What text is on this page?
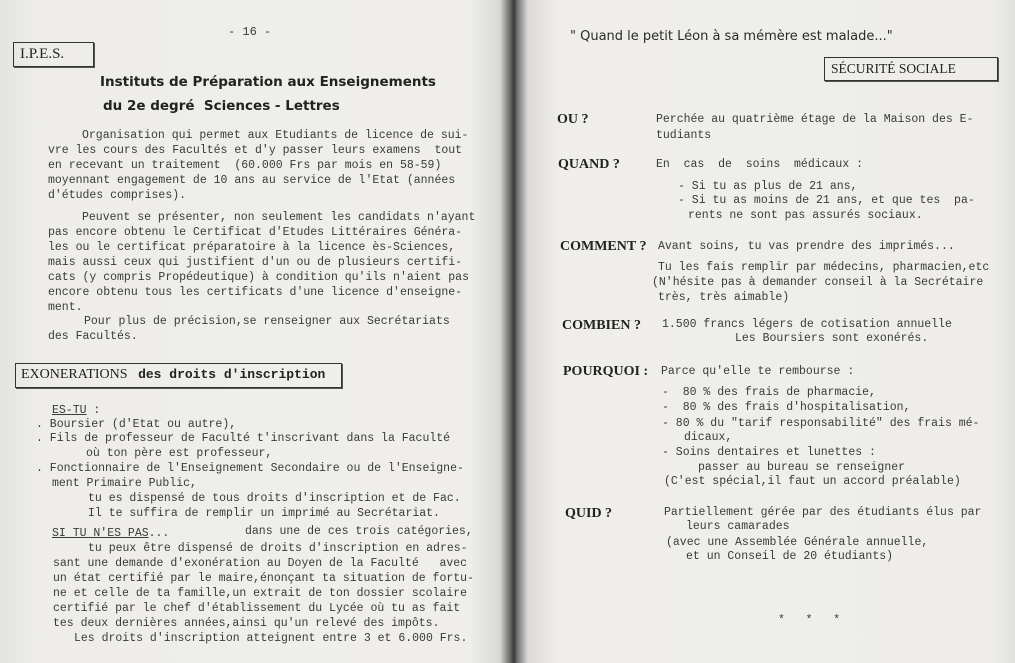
- 16 -
I.P.E.S.
Instituts de Préparation aux Enseignements
du 2e degré  Sciences - Lettres
Organisation qui permet aux Etudiants de licence de sui-
vre les cours des Facultés et d'y passer leurs examens  tout
en recevant un traitement  (60.000 Frs par mois en 58-59)
moyennant engagement de 10 ans au service de l'Etat (années
d'études comprises).
Peuvent se présenter, non seulement les candidats n'ayant
pas encore obtenu le Certificat d'Etudes Littéraires Généra-
les ou le certificat préparatoire à la licence ès-Sciences,
mais aussi ceux qui justifient d'un ou de plusieurs certifi-
cats (y compris Propédeutique) à condition qu'ils n'aient pas
encore obtenu tous les certificats d'une licence d'enseigne-
ment.
Pour plus de précision,se renseigner aux Secrétariats
des Facultés.
EXONERATIONS des droits d'inscription
ES-TU :
. Boursier (d'Etat ou autre),
. Fils de professeur de Faculté t'inscrivant dans la Faculté
où ton père est professeur,
. Fonctionnaire de l'Enseignement Secondaire ou de l'Enseigne-
ment Primaire Public,
tu es dispensé de tous droits d'inscription et de Fac.
Il te suffira de remplir un imprimé au Secrétariat.
SI TU N'ES PAS...	dans une de ces trois catégories,
tu peux être dispensé de droits d'inscription en adres-
sant une demande d'exonération au Doyen de la Faculté   avec
un état certifié par le maire,énonçant ta situation de fortu-
ne et celle de ta famille,un extrait de ton dossier scolaire
certifié par le chef d'établissement du Lycée où tu as fait
tes deux dernières années,ainsi qu'un relevé des impôts.
Les droits d'inscription atteignent entre 3 et 6.000 Frs.
" Quand le petit Léon à sa mémère est malade..."
SÉCURITÉ SOCIALE
OU ?	Perchée au quatrième étage de la Maison des E-
tudiants
QUAND ?	En  cas  de  soins  médicaux :
- Si tu as plus de 21 ans,
- Si tu as moins de 21 ans, et que tes  pa-
rents ne sont pas assurés sociaux.
COMMENT ? Avant soins, tu vas prendre des imprimés...
Tu les fais remplir par médecins, pharmacien,etc
(N'hésite pas à demander conseil à la Secrétaire
très, très aimable)
COMBIEN ? 1.500 francs légers de cotisation annuelle
Les Boursiers sont exonérés.
POURQUOI : Parce qu'elle te rembourse :
-  80 % des frais de pharmacie,
-  80 % des frais d'hospitalisation,
- 80 % du "tarif responsabilité" des frais mé-
dicaux,
- Soins dentaires et lunettes :
passer au bureau se renseigner
(C'est spécial,il faut un accord préalable)
QUID ?	Partiellement gérée par des étudiants élus par
leurs camarades
(avec une Assemblée Générale annuelle,
et un Conseil de 20 étudiants)
*   *   *
